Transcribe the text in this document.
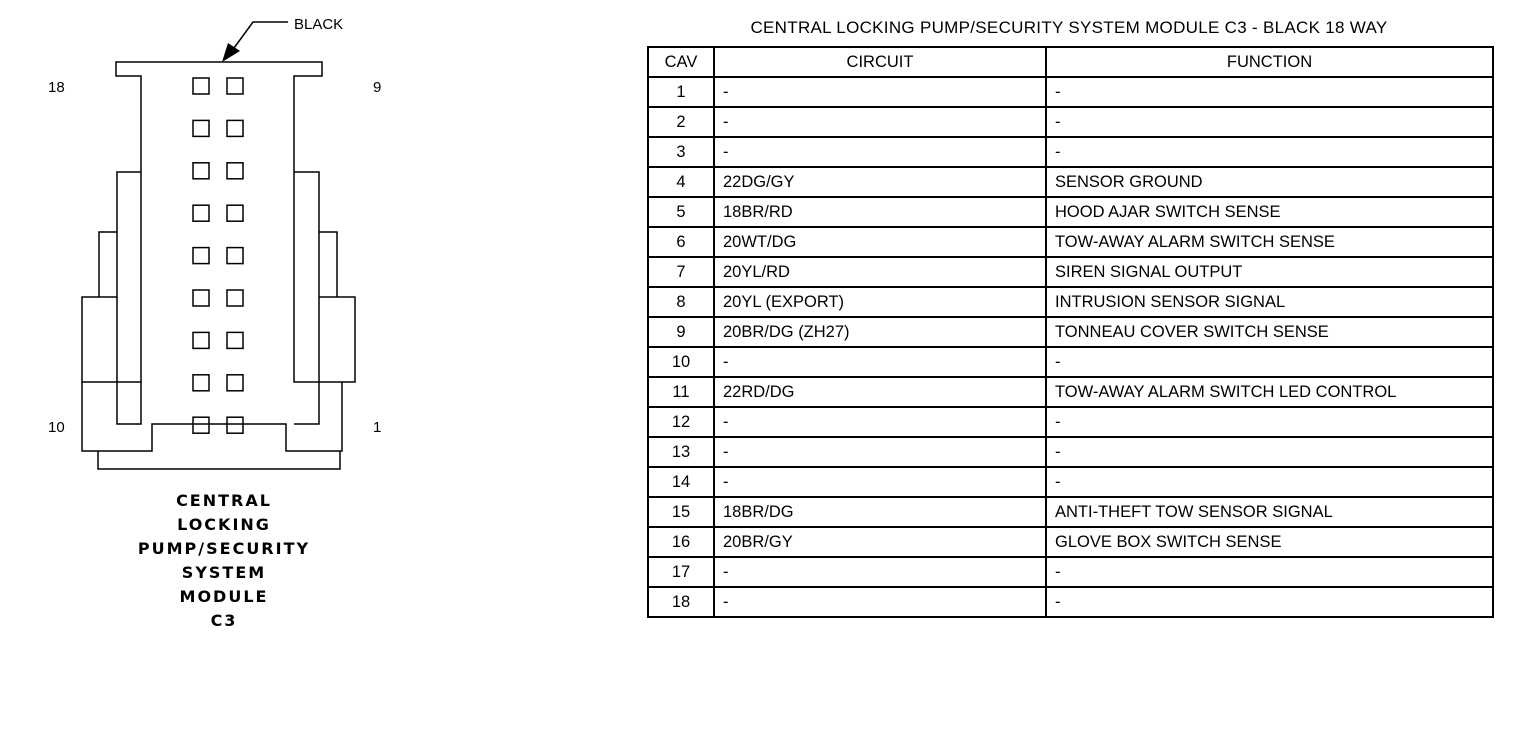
BLACK
18	9
10	1
CENTRAL
LOCKING
PUMP/SECURITY
SYSTEM
MODULE
C3
CENTRAL LOCKING PUMP/SECURITY SYSTEM MODULE C3 - BLACK 18 WAY
CAV	CIRCUIT	FUNCTION
1	-	-
2	-	-
3	-	-
4	22DG/GY	SENSOR GROUND
5	18BR/RD	HOOD AJAR SWITCH SENSE
6	20WT/DG	TOW-AWAY ALARM SWITCH SENSE
7	20YL/RD	SIREN SIGNAL OUTPUT
8	20YL (EXPORT)	INTRUSION SENSOR SIGNAL
9	20BR/DG (ZH27)	TONNEAU COVER SWITCH SENSE
10	-	-
11	22RD/DG	TOW-AWAY ALARM SWITCH LED CONTROL
12	-	-
13	-	-
14	-	-
15	18BR/DG	ANTI-THEFT TOW SENSOR SIGNAL
16	20BR/GY	GLOVE BOX SWITCH SENSE
17	-	-
18	-	-
